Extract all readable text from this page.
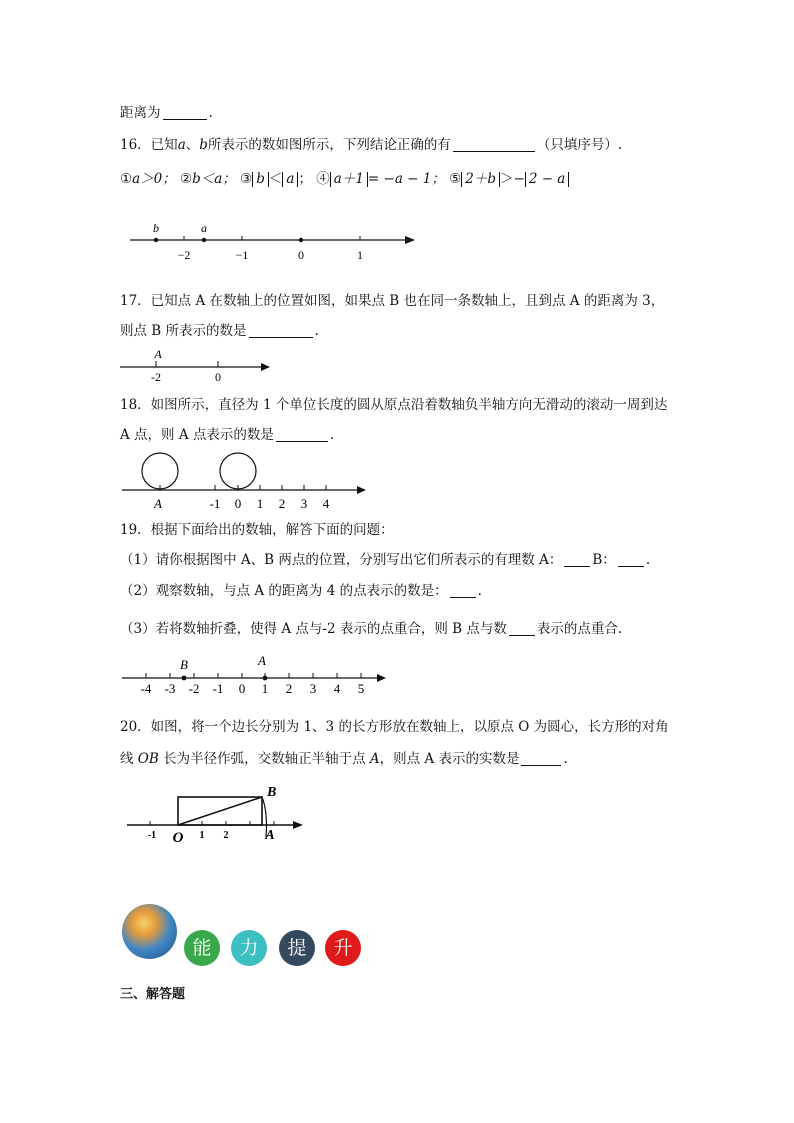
距离为	.
16．已知a、b所表示的数如图所示，下列结论正确的有	（只填序号）.
①a＞0； ②b＜a； ③ b ＜ a ； ④ a＋1 = −a − 1； ⑤ 2＋b ＞− 2 − a
b	a
−2	−1	0	1
17．已知点 A 在数轴上的位置如图，如果点 B 也在同一条数轴上，且到点 A 的距离为 3，
则点 B 所表示的数是	.
A
-2	0
18．如图所示，直径为 1 个单位长度的圆从原点沿着数轴负半轴方向无滑动的滚动一周到达
A 点，则 A 点表示的数是	.
A	-1 0 1 2 3 4
19．根据下面给出的数轴，解答下面的问题：
（1）请你根据图中 A、B 两点的位置，分别写出它们所表示的有理数 A： B： .
（2）观察数轴，与点 A 的距离为 4 的点表示的数是： .
（3）若将数轴折叠，使得 A 点与-2 表示的点重合，则 B 点与数 表示的点重合.
B	A
-4 -3 -2 -1 0 1 2 3 4 5
20．如图，将一个边长分别为 1、3 的长方形放在数轴上，以原点 O 为圆心，长方形的对角
线 OB 长为半径作弧，交数轴正半轴于点 A，则点 A 表示的实数是	.
B
O	A
-1	1 2
能	力	提	升
三、解答题
